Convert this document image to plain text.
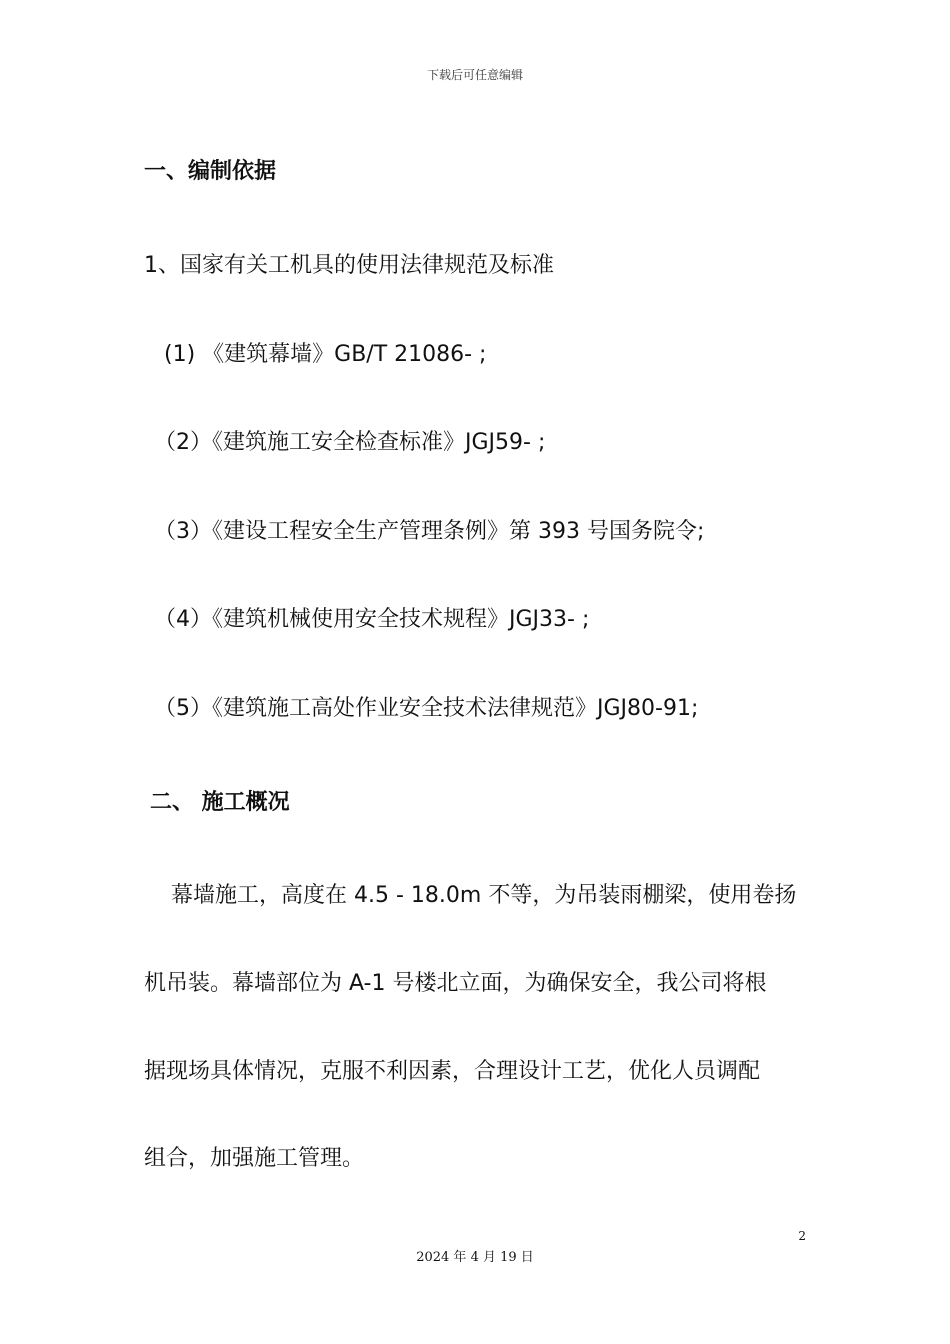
下载后可任意编辑
一、编制依据
1、国家有关工机具的使用法律规范及标准
(1) 《建筑幕墙》GB/T 21086- ;
（2）《建筑施工安全检查标准》JGJ59- ;
（3）《建设工程安全生产管理条例》第 393 号国务院令;
（4）《建筑机械使用安全技术规程》JGJ33- ;
（5）《建筑施工高处作业安全技术法律规范》JGJ80-91;
二、 施工概况
幕墙施工，高度在 4.5 - 18.0m 不等，为吊装雨棚梁，使用卷扬
机吊装。幕墙部位为 A-1 号楼北立面，为确保安全，我公司将根
据现场具体情况，克服不利因素，合理设计工艺，优化人员调配
组合，加强施工管理。
2
2024 年 4 月 19 日
